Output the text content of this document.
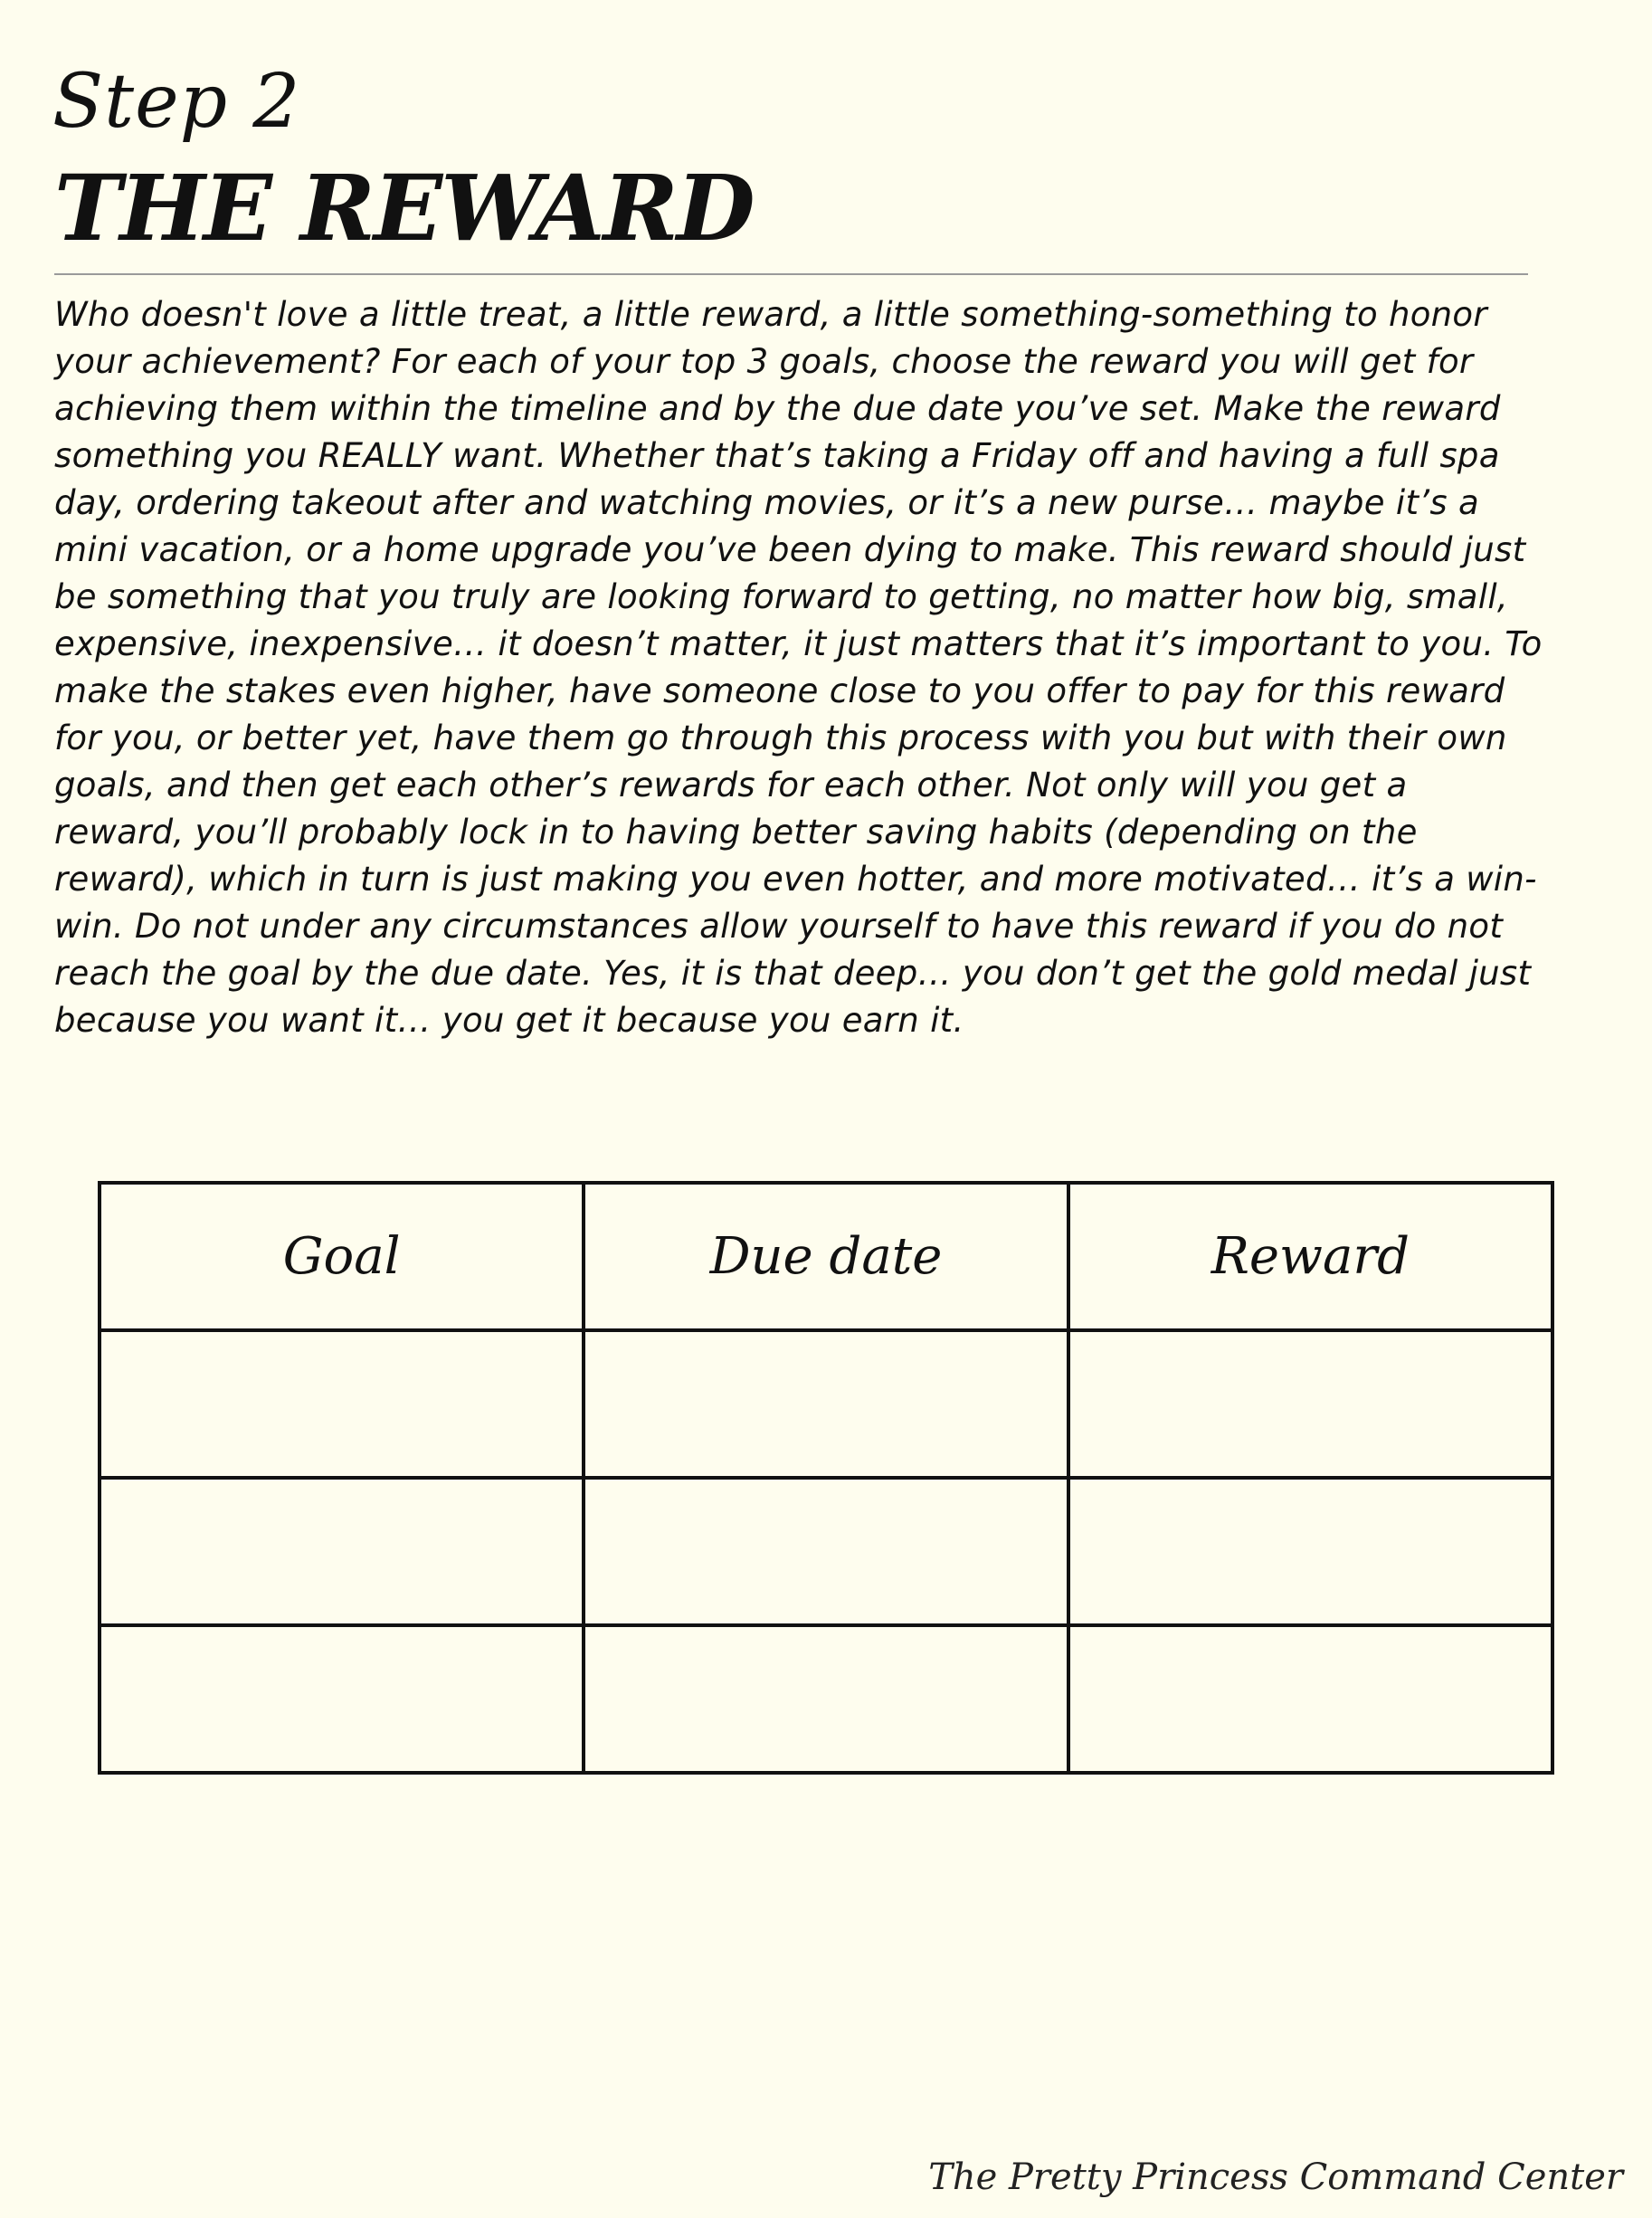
Step 2
THE REWARD

Who doesn't love a little treat, a little reward, a little something-something to honor your achievement? For each of your top 3 goals, choose the reward you will get for achieving them within the timeline and by the due date you’ve set. Make the reward something you REALLY want. Whether that’s taking a Friday off and having a full spa day, ordering takeout after and watching movies, or it’s a new purse… maybe it’s a mini vacation, or a home upgrade you’ve been dying to make. This reward should just be something that you truly are looking forward to getting, no matter how big, small, expensive, inexpensive… it doesn’t matter, it just matters that it’s important to you. To make the stakes even higher, have someone close to you offer to pay for this reward for you, or better yet, have them go through this process with you but with their own goals, and then get each other’s rewards for each other. Not only will you get a reward, you’ll probably lock in to having better saving habits (depending on the reward), which in turn is just making you even hotter, and more motivated… it’s a win-win. Do not under any circumstances allow yourself to have this reward if you do not reach the goal by the due date. Yes, it is that deep… you don’t get the gold medal just because you want it… you get it because you earn it.

Goal	Due date	Reward

The Pretty Princess Command Center
